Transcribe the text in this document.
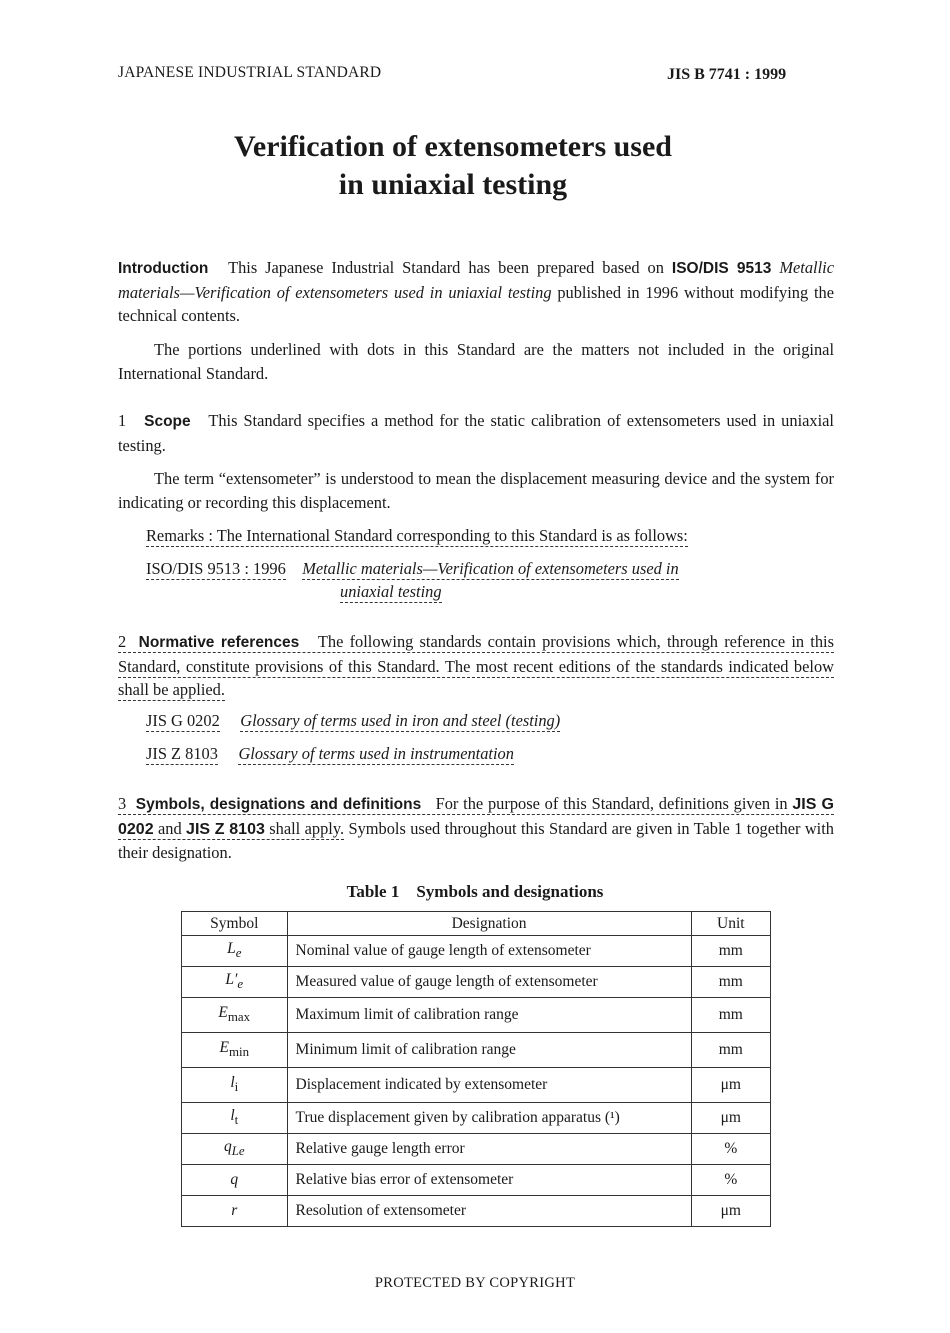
JAPANESE INDUSTRIAL STANDARD	JIS B 7741 : 1999
Verification of extensometers used
in uniaxial testing
Introduction This Japanese Industrial Standard has been prepared based on ISO/DIS 9513 Metallic materials—Verification of extensometers used in uniaxial testing published in 1996 without modifying the technical contents.
The portions underlined with dots in this Standard are the matters not included in the original International Standard.
1 Scope This Standard specifies a method for the static calibration of extensometers used in uniaxial testing.
The term “extensometer” is understood to mean the displacement measuring device and the system for indicating or recording this displacement.
Remarks : The International Standard corresponding to this Standard is as follows:
ISO/DIS 9513 : 1996 Metallic materials—Verification of extensometers used in
uniaxial testing
2 Normative references The following standards contain provisions which, through reference in this Standard, constitute provisions of this Standard. The most recent editions of the standards indicated below shall be applied.
JIS G 0202 Glossary of terms used in iron and steel (testing)
JIS Z 8103 Glossary of terms used in instrumentation
3 Symbols, designations and definitions For the purpose of this Standard, definitions given in JIS G 0202 and JIS Z 8103 shall apply. Symbols used throughout this Standard are given in Table 1 together with their designation.
Table 1 Symbols and designations
Symbol	Designation	Unit
$L_e$	Nominal value of gauge length of extensometer	mm
$L'_e$	Measured value of gauge length of extensometer	mm
$E_{max}$	Maximum limit of calibration range	mm
$E_{min}$	Minimum limit of calibration range	mm
$l_i$	Displacement indicated by extensometer	μm
$l_t$	True displacement given by calibration apparatus (¹)	μm
$q_{Le}$	Relative gauge length error	%
q	Relative bias error of extensometer	%
r	Resolution of extensometer	μm
PROTECTED BY COPYRIGHT
